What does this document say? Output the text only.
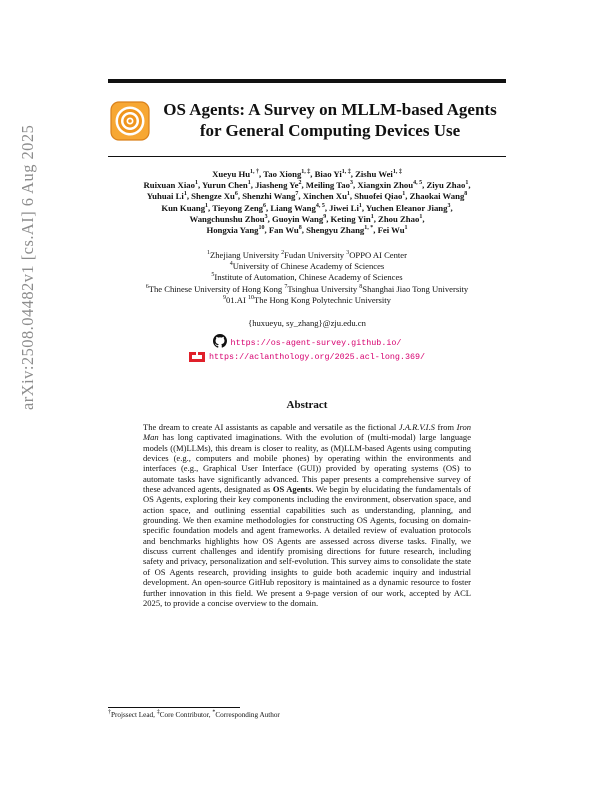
arXiv:2508.04482v1 [cs.AI] 6 Aug 2025
OS Agents: A Survey on MLLM-based Agents
for General Computing Devices Use
Xueyu $Hu^{1, \dagger}$, Tao Xiong$^{1, \ddagger}$, Biao $Yi^{1, \ddagger}$, Zishu Wei$^{1, \ddagger}$
Ruixuan Xiao$^1$, Yurun Chen$^1$, Jiasheng Ye$^2$, Meiling Tao$^3$, Xiangxin Zhou$^{4, 5}$, Ziyu Zhao$^1$,
Yuhuai Li$^1$, Shengze Xu$^6$, Shenzhi Wang$^7$, Xinchen Xu$^1$, Shuofei Qiao$^1$, Zhaokai Wang$^8$
Kun Kuang$^1$, Tieyong Zeng$^6$, Liang Wang$^{4, 5}$, Jiwei Li$^1$, Yuchen Eleanor Jiang$^3$,
Wangchunshu Zhou$^3$, Guoyin Wang$^9$, Keting Yin$^1$, Zhou Zhao$^1$,
Hongxia Yang$^{10}$, Fan Wu$^8$, Shengyu Zhang$^{1, *}$, Fei Wu$^1$
$^1$Zhejiang University $^2$Fudan University $^3$OPPO AI Center
$^4$University of Chinese Academy of Sciences
$^5$Institute of Automation, Chinese Academy of Sciences
$^6$The Chinese University of Hong Kong $^7$Tsinghua University $^8$Shanghai Jiao Tong University
$^9$01.AI $^{10}$The Hong Kong Polytechnic University
{huxueyu, sy_zhang}@zju.edu.cn
https://os-agent-survey.github.io/
https://aclanthology.org/2025.acl-long.369/
Abstract
The dream to create AI assistants as capable and versatile as the fictional J.A.R.V.I.S from Iron Man has long captivated imaginations. With the evolution of (multi-modal) large language models ((M)LLMs), this dream is closer to reality, as (M)LLM-based Agents using computing devices (e.g., computers and mobile phones) by operating within the environments and interfaces (e.g., Graphical User Interface (GUI)) provided by operating systems (OS) to automate tasks have significantly advanced. This paper presents a comprehensive survey of these advanced agents, designated as OS Agents. We begin by elucidating the fundamentals of OS Agents, exploring their key components including the environment, observation space, and action space, and outlining essential capabilities such as understanding, planning, and grounding. We then examine methodologies for constructing OS Agents, focusing on domain-specific foundation models and agent frameworks. A detailed review of evaluation protocols and benchmarks highlights how OS Agents are assessed across diverse tasks. Finally, we discuss current challenges and identify promising directions for future research, including safety and privacy, personalization and self-evolution. This survey aims to consolidate the state of OS Agents research, providing insights to guide both academic inquiry and industrial development. An open-source GitHub repository is maintained as a dynamic resource to foster further innovation in this field. We present a 9-page version of our work, accepted by ACL 2025, to provide a concise overview to the domain.
†Projssect Lead, ‡Core Contributor, *Corresponding Author
